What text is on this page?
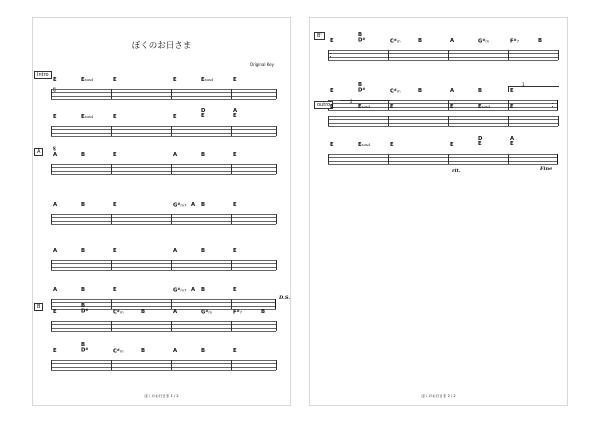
ぼくのお日さま
Original Key
Intro
𝄋
E	Esus4	E	E	Esus4	E
E	Esus4	E	E
D
E
A
E
A	𝄋
A	B	E	A	B	E
A	B	E	G#m7 A B	E
A	B	E	A	B	E
A	B	E	G#m7 A B	E
D.S.
B
E
B
D#	C#m	B	A	G#m	F#7	B
E
B
D#	C#m	B	A	B	E
ぼくのお日さま 1 / 2
B'
E
B
D#	C#m	B	A	G#m	F#7	B
E
B
D#	C#m	B	A	B	E
1
outro
2
E	Esus4	E	E	Esus4	E
E	Esus4	E	E
D
E
A
E
rit.	Fine
ぼくのお日さま 2 / 2
